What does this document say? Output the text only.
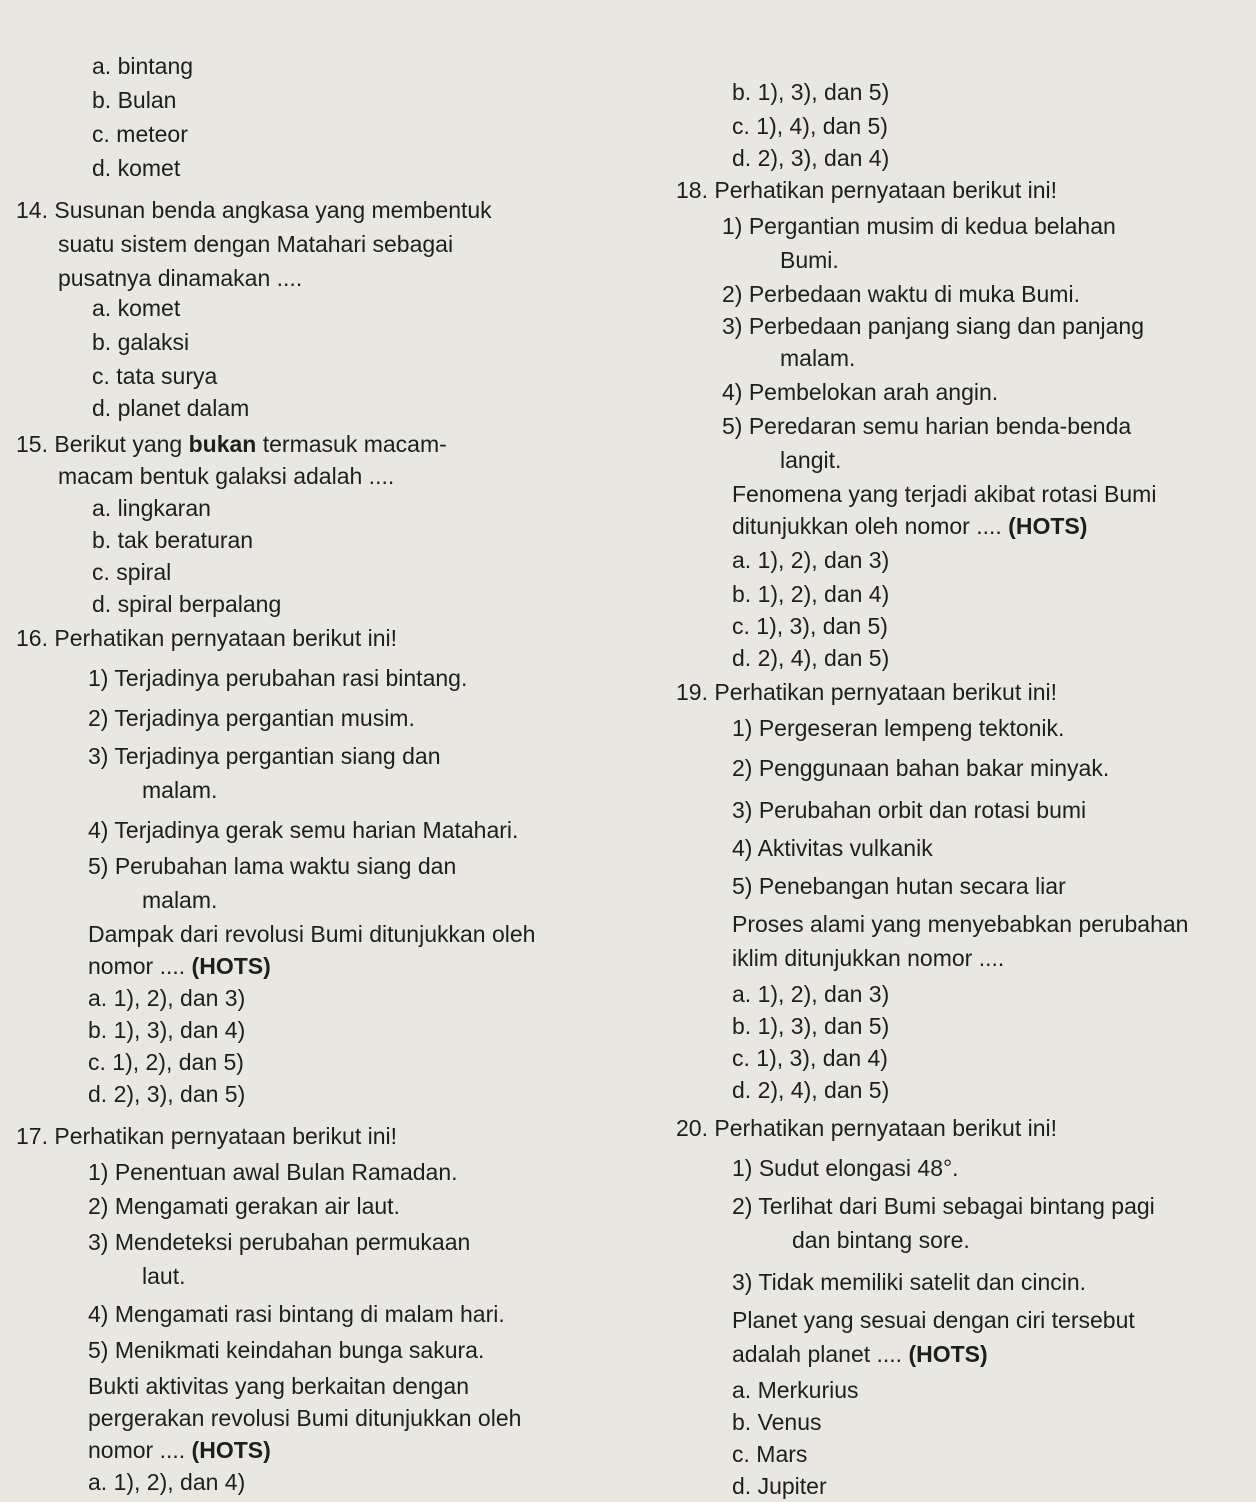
a. bintang
b. Bulan
c. meteor
d. komet
14. Susunan benda angkasa yang membentuk
suatu sistem dengan Matahari sebagai
pusatnya dinamakan ....
a. komet
b. galaksi
c. tata surya
d. planet dalam
15. Berikut yang bukan termasuk macam-
macam bentuk galaksi adalah ....
a. lingkaran
b. tak beraturan
c. spiral
d. spiral berpalang
16. Perhatikan pernyataan berikut ini!
1) Terjadinya perubahan rasi bintang.
2) Terjadinya pergantian musim.
3) Terjadinya pergantian siang dan
malam.
4) Terjadinya gerak semu harian Matahari.
5) Perubahan lama waktu siang dan
malam.
Dampak dari revolusi Bumi ditunjukkan oleh
nomor .... (HOTS)
a. 1), 2), dan 3)
b. 1), 3), dan 4)
c. 1), 2), dan 5)
d. 2), 3), dan 5)
17. Perhatikan pernyataan berikut ini!
1) Penentuan awal Bulan Ramadan.
2) Mengamati gerakan air laut.
3) Mendeteksi perubahan permukaan
laut.
4) Mengamati rasi bintang di malam hari.
5) Menikmati keindahan bunga sakura.
Bukti aktivitas yang berkaitan dengan
pergerakan revolusi Bumi ditunjukkan oleh
nomor .... (HOTS)
a. 1), 2), dan 4)
b. 1), 3), dan 5)
c. 1), 4), dan 5)
d. 2), 3), dan 4)
18. Perhatikan pernyataan berikut ini!
1) Pergantian musim di kedua belahan
Bumi.
2) Perbedaan waktu di muka Bumi.
3) Perbedaan panjang siang dan panjang
malam.
4) Pembelokan arah angin.
5) Peredaran semu harian benda-benda
langit.
Fenomena yang terjadi akibat rotasi Bumi
ditunjukkan oleh nomor .... (HOTS)
a. 1), 2), dan 3)
b. 1), 2), dan 4)
c. 1), 3), dan 5)
d. 2), 4), dan 5)
19. Perhatikan pernyataan berikut ini!
1) Pergeseran lempeng tektonik.
2) Penggunaan bahan bakar minyak.
3) Perubahan orbit dan rotasi bumi
4) Aktivitas vulkanik
5) Penebangan hutan secara liar
Proses alami yang menyebabkan perubahan
iklim ditunjukkan nomor ....
a. 1), 2), dan 3)
b. 1), 3), dan 5)
c. 1), 3), dan 4)
d. 2), 4), dan 5)
20. Perhatikan pernyataan berikut ini!
1) Sudut elongasi 48°.
2) Terlihat dari Bumi sebagai bintang pagi
dan bintang sore.
3) Tidak memiliki satelit dan cincin.
Planet yang sesuai dengan ciri tersebut
adalah planet .... (HOTS)
a. Merkurius
b. Venus
c. Mars
d. Jupiter
